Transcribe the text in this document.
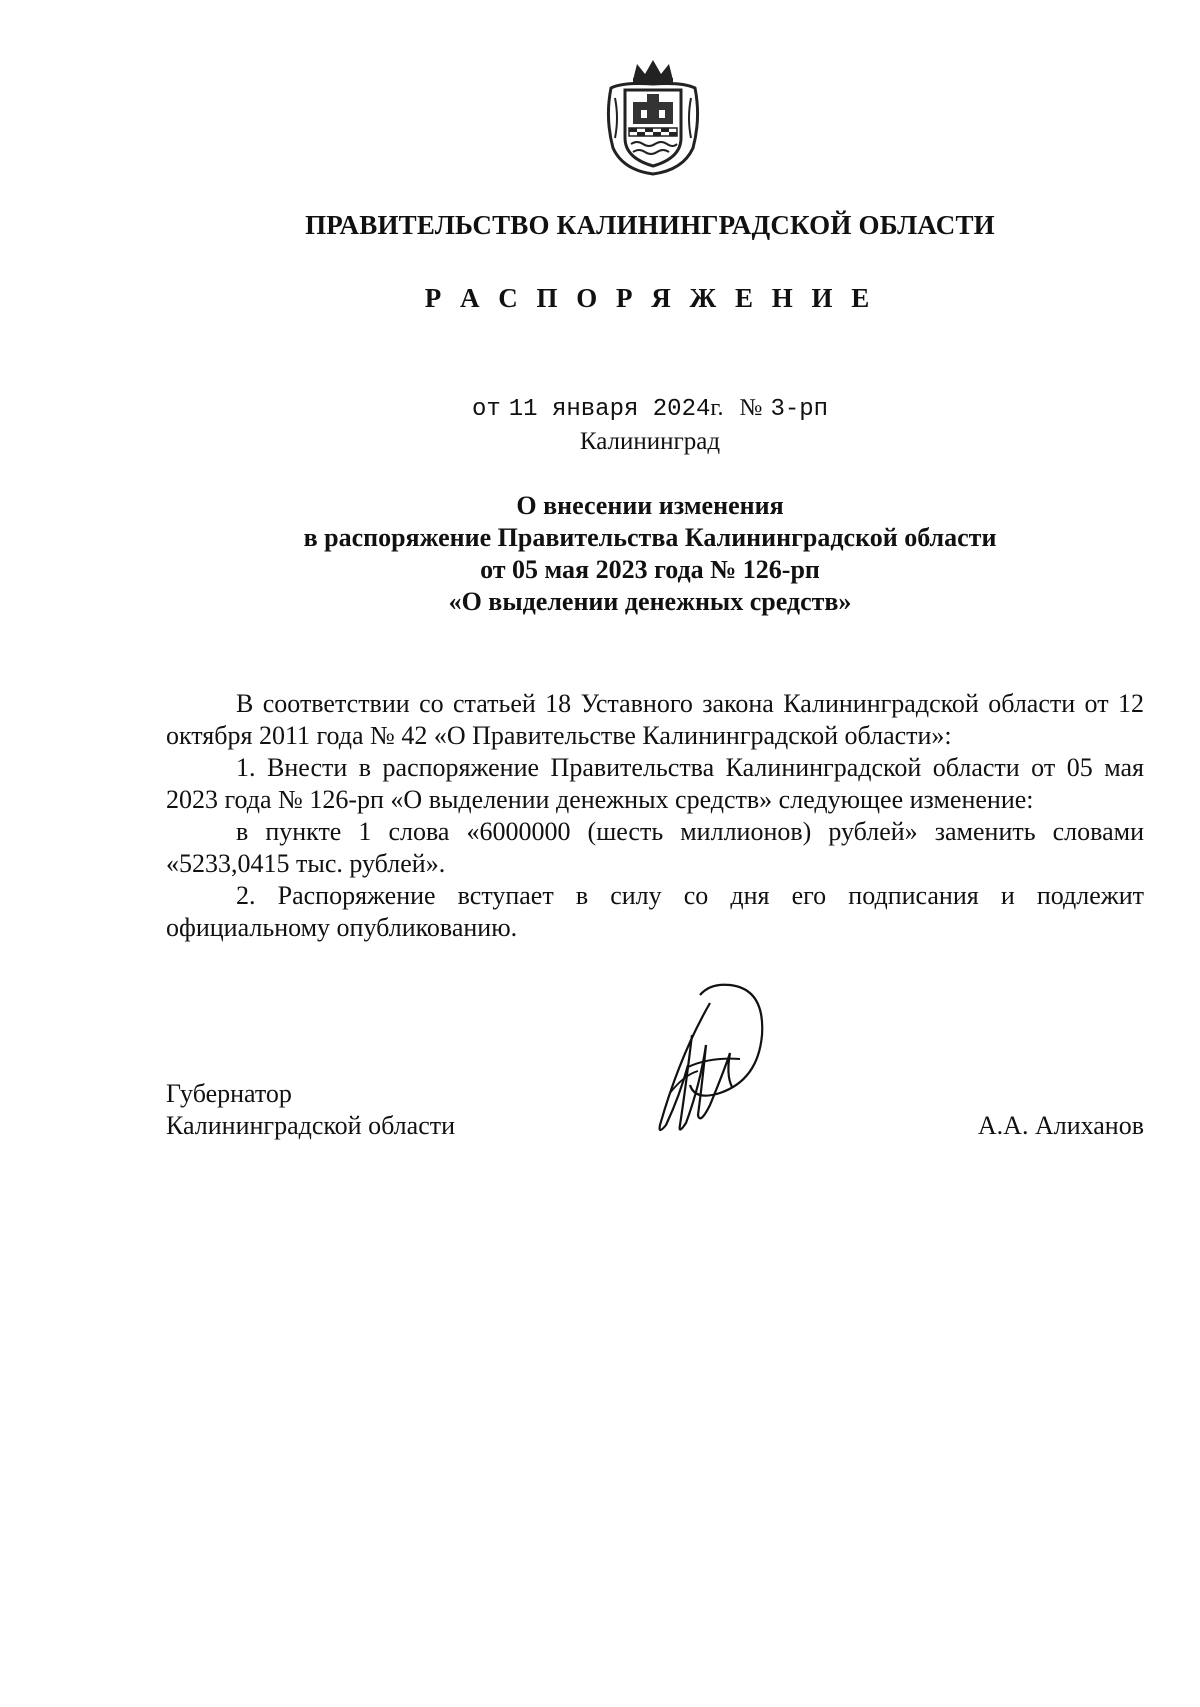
ПРАВИТЕЛЬСТВО КАЛИНИНГРАДСКОЙ ОБЛАСТИ
Р А С П О Р Я Ж Е Н И Е
от 11 января 2024г. № 3-рп
Калининград
О внесении изменения
в распоряжение Правительства Калининградской области
от 05 мая 2023 года № 126-рп
«О выделении денежных средств»

В соответствии со статьей 18 Уставного закона Калининградской области от 12 октября 2011 года № 42 «О Правительстве Калининградской области»:

1. Внести в распоряжение Правительства Калининградской области от 05 мая 2023 года № 126-рп «О выделении денежных средств» следующее изменение:

в пункте 1 слова «6000000 (шесть миллионов) рублей» заменить словами «5233,0415 тыс. рублей».

2. Распоряжение вступает в силу со дня его подписания и подлежит официальному опубликованию.

Губернатор
Калининградской области	А.А. Алиханов
